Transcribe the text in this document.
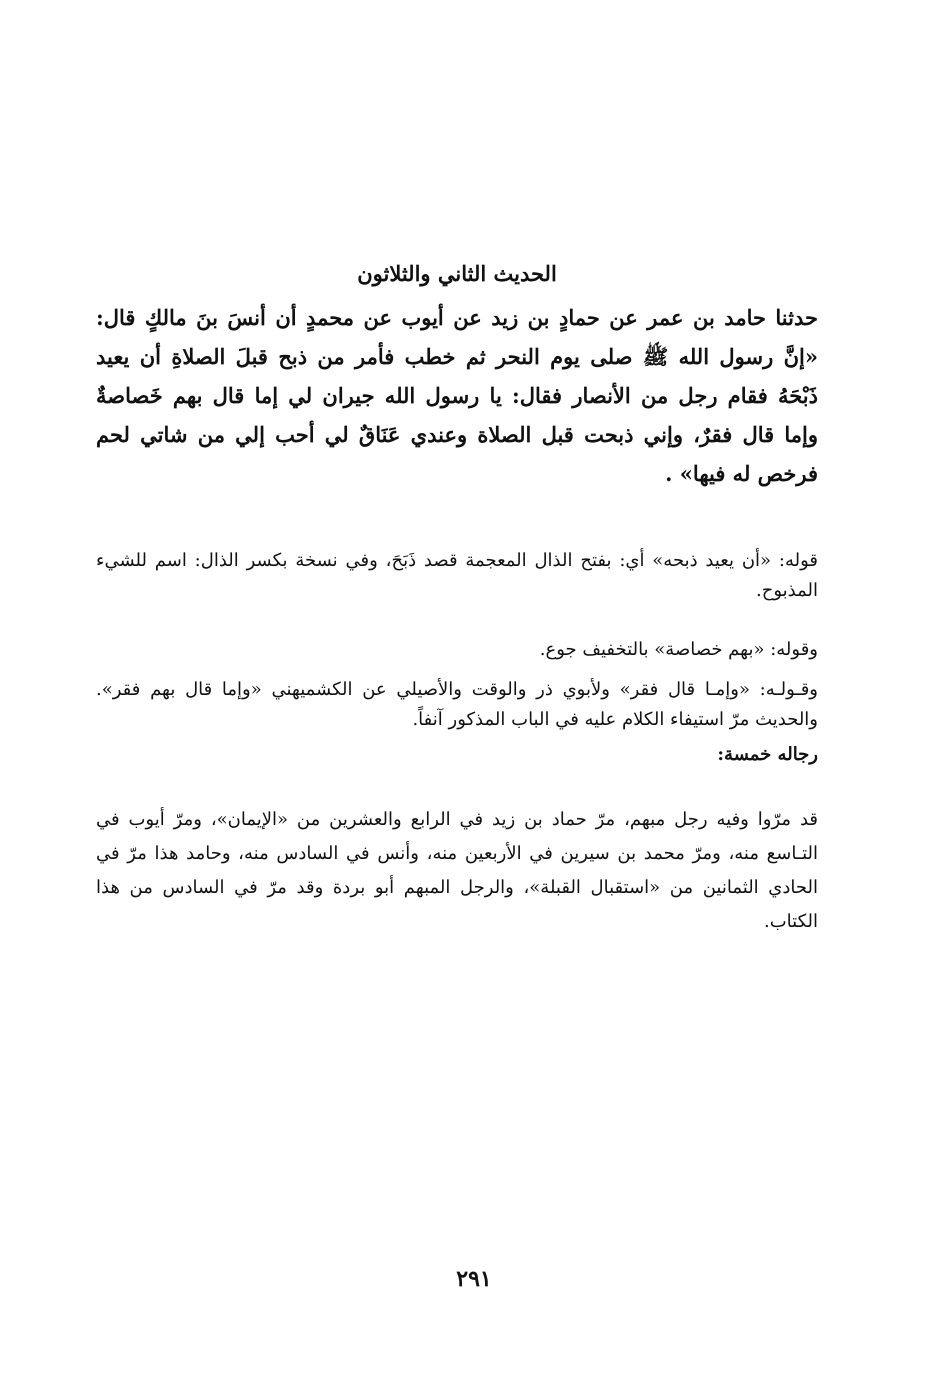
الحديث الثاني والثلاثون

حدثنا حامد بن عمر عن حمادٍ بن زيد عن أيوب عن محمدٍ أن أنسَ بنَ مالكٍ قال: «إنَّ رسول الله ﷺ صلى يوم النحر ثم خطب فأمر من ذبح قبلَ الصلاةِ أن يعيد ذَبْحَهُ فقام رجل من الأنصار فقال: يا رسول الله جيران لي إما قال بهم خَصاصةٌ وإما قال فقرٌ، وإني ذبحت قبل الصلاة وعندي عَنَاقٌ لي أحب إلي من شاتي لحم فرخص له فيها» .

قوله: «أن يعيد ذبحه» أي: بفتح الذال المعجمة قصد ذَبَحَ، وفي نسخة بكسر الذال: اسم للشيء المذبوح.

وقوله: «بهم خصاصة» بالتخفيف جوع.

وقـولـه: «وإمـا قال فقر» ولأبوي ذر والوقت والأصيلي عن الكشميهني «وإما قال بهم فقر». والحديث مرّ استيفاء الكلام عليه في الباب المذكور آنفاً.

رجاله خمسة:

قد مرّوا وفيه رجل مبهم، مرّ حماد بن زيد في الرابع والعشرين من «الإيمان»، ومرّ أيوب في التـاسع منه، ومرّ محمد بن سيرين في الأربعين منه، وأنس في السادس منه، وحامد هذا مرّ في الحادي الثمانين من «استقبال القبلة»، والرجل المبهم أبو بردة وقد مرّ في السادس من هذا الكتاب.

٢٩١
